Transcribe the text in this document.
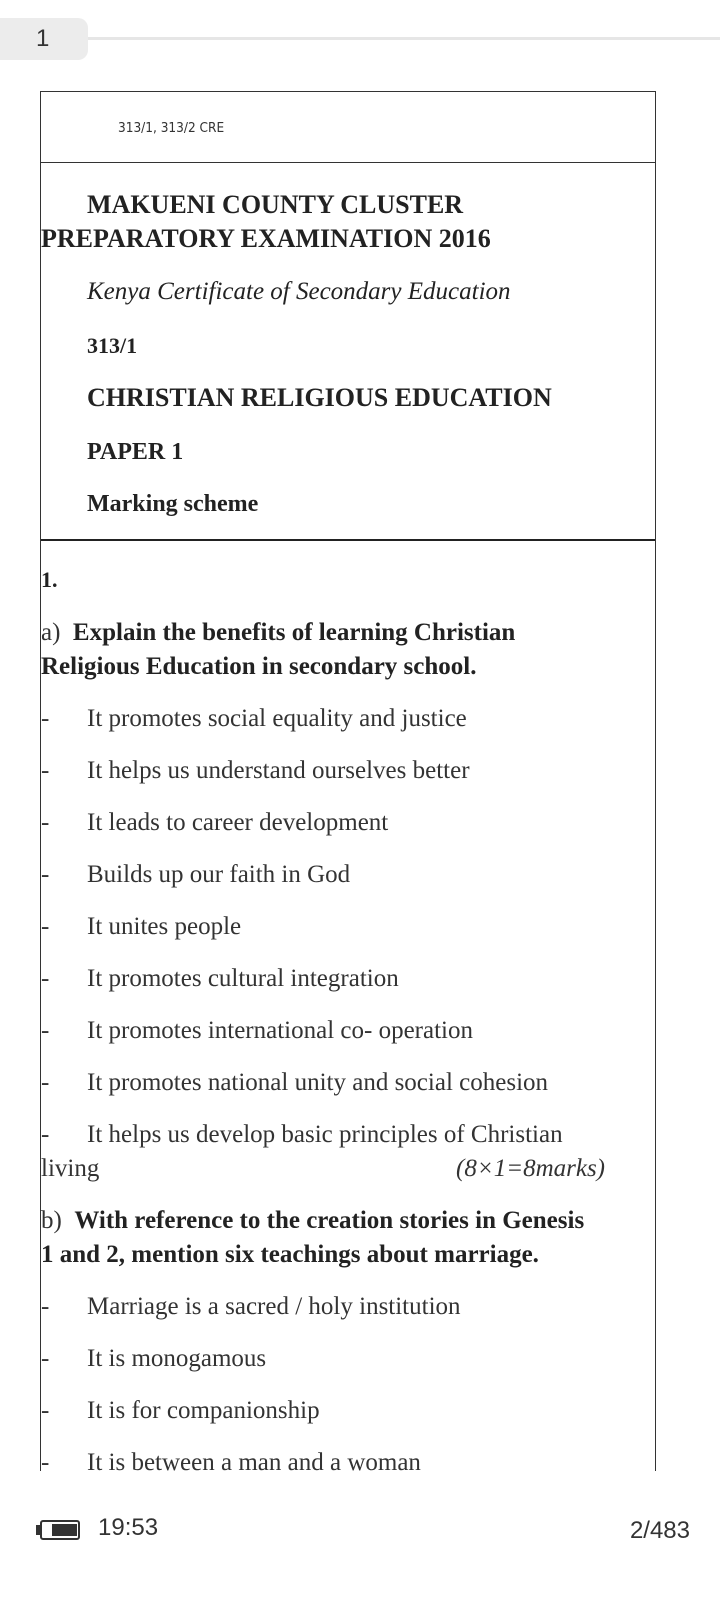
1
313/1, 313/2 CRE
MAKUENI COUNTY CLUSTER
PREPARATORY EXAMINATION 2016
Kenya Certificate of Secondary Education
313/1
CHRISTIAN RELIGIOUS EDUCATION
PAPER 1
Marking scheme
1.
a) Explain the benefits of learning Christian
Religious Education in secondary school.
- It promotes social equality and justice
- It helps us understand ourselves better
- It leads to career development
- Builds up our faith in God
- It unites people
- It promotes cultural integration
- It promotes international co- operation
- It promotes national unity and social cohesion
- It helps us develop basic principles of Christian
living	(8×1=8marks)
b) With reference to the creation stories in Genesis
1 and 2, mention six teachings about marriage.
- Marriage is a sacred / holy institution
- It is monogamous
- It is for companionship
- It is between a man and a woman
19:53	2/483
